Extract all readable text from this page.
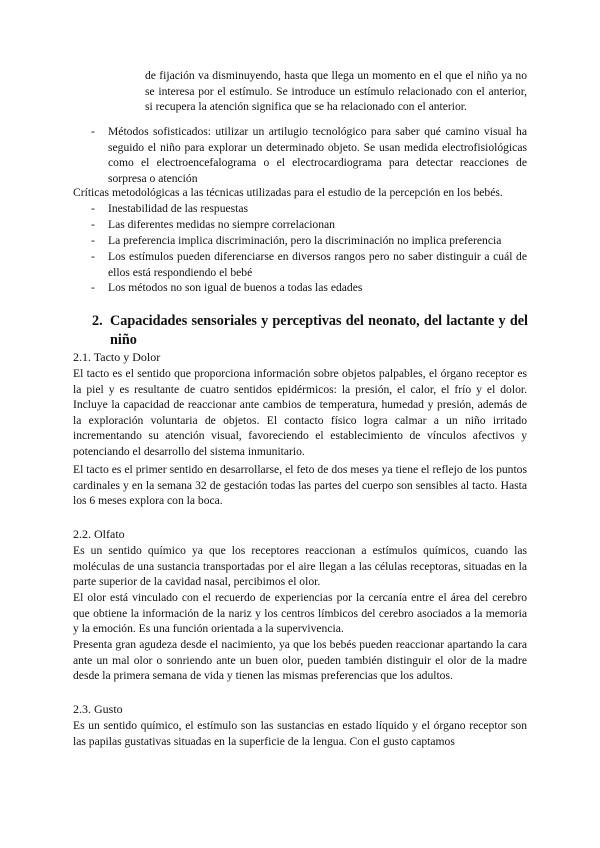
de fijación va disminuyendo, hasta que llega un momento en el que el niño ya no se interesa por el estímulo. Se introduce un estímulo relacionado con el anterior, si recupera la atención significa que se ha relacionado con el anterior.

- Métodos sofisticados: utilizar un artilugio tecnológico para saber qué camino visual ha seguido el niño para explorar un determinado objeto. Se usan medida electrofisiológicas como el electroencefalograma o el electrocardiograma para detectar reacciones de sorpresa o atención

Críticas metodológicas a las técnicas utilizadas para el estudio de la percepción en los bebés.

- Inestabilidad de las respuestas

- Las diferentes medidas no siempre correlacionan

- La preferencia implica discriminación, pero la discriminación no implica preferencia

- Los estímulos pueden diferenciarse en diversos rangos pero no saber distinguir a cuál de ellos está respondiendo el bebé

- Los métodos no son igual de buenos a todas las edades

2. Capacidades sensoriales y perceptivas del neonato, del lactante y del niño

2.1. Tacto y Dolor

El tacto es el sentido que proporciona información sobre objetos palpables, el órgano receptor es la piel y es resultante de cuatro sentidos epidérmicos: la presión, el calor, el frío y el dolor. Incluye la capacidad de reaccionar ante cambios de temperatura, humedad y presión, además de la exploración voluntaria de objetos. El contacto físico logra calmar a un niño irritado incrementando su atención visual, favoreciendo el establecimiento de vínculos afectivos y potenciando el desarrollo del sistema inmunitario.

El tacto es el primer sentido en desarrollarse, el feto de dos meses ya tiene el reflejo de los puntos cardinales y en la semana 32 de gestación todas las partes del cuerpo son sensibles al tacto. Hasta los 6 meses explora con la boca.

2.2. Olfato

Es un sentido químico ya que los receptores reaccionan a estímulos químicos, cuando las moléculas de una sustancia transportadas por el aire llegan a las células receptoras, situadas en la parte superior de la cavidad nasal, percibimos el olor.

El olor está vinculado con el recuerdo de experiencias por la cercanía entre el área del cerebro que obtiene la información de la nariz y los centros límbicos del cerebro asociados a la memoria y la emoción. Es una función orientada a la supervivencia.

Presenta gran agudeza desde el nacimiento, ya que los bebés pueden reaccionar apartando la cara ante un mal olor o sonriendo ante un buen olor, pueden también distinguir el olor de la madre desde la primera semana de vida y tienen las mismas preferencias que los adultos.

2.3. Gusto

Es un sentido químico, el estímulo son las sustancias en estado líquido y el órgano receptor son las papilas gustativas situadas en la superficie de la lengua. Con el gusto captamos
